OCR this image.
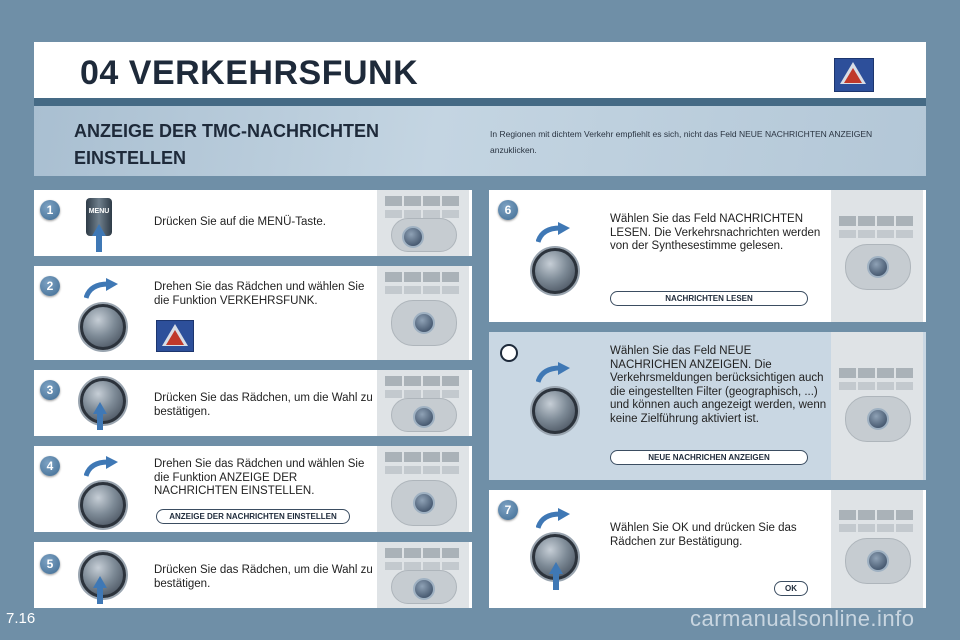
04 VERKEHRSFUNK
ANZEIGE DER TMC-NACHRICHTEN EINSTELLEN
In Regionen mit dichtem Verkehr empfiehlt es sich, nicht das Feld NEUE NACHRICHTEN ANZEIGEN anzuklicken.
1	MENU
Drücken Sie auf die MENÜ-Taste.
2	Drehen Sie das Rädchen und wählen Sie die Funktion VERKEHRSFUNK.
3
Drücken Sie das Rädchen, um die Wahl zu bestätigen.
4	Drehen Sie das Rädchen und wählen Sie die Funktion ANZEIGE DER NACHRICHTEN EINSTELLEN.
ANZEIGE DER NACHRICHTEN EINSTELLEN
5	Drücken Sie das Rädchen, um die Wahl zu bestätigen.
6
Wählen Sie das Feld NACHRICHTEN LESEN. Die Verkehrsnachrichten werden von der Synthesestimme gelesen.
NACHRICHTEN LESEN
Wählen Sie das Feld NEUE NACHRICHEN ANZEIGEN. Die Verkehrsmeldungen berücksichtigen auch die eingestellten Filter (geographisch, ...) und können auch angezeigt werden, wenn keine Zielführung aktiviert ist.
NEUE NACHRICHEN ANZEIGEN
7
Wählen Sie OK und drücken Sie das Rädchen zur Bestätigung.
OK
7.16	carmanualsonline.info
